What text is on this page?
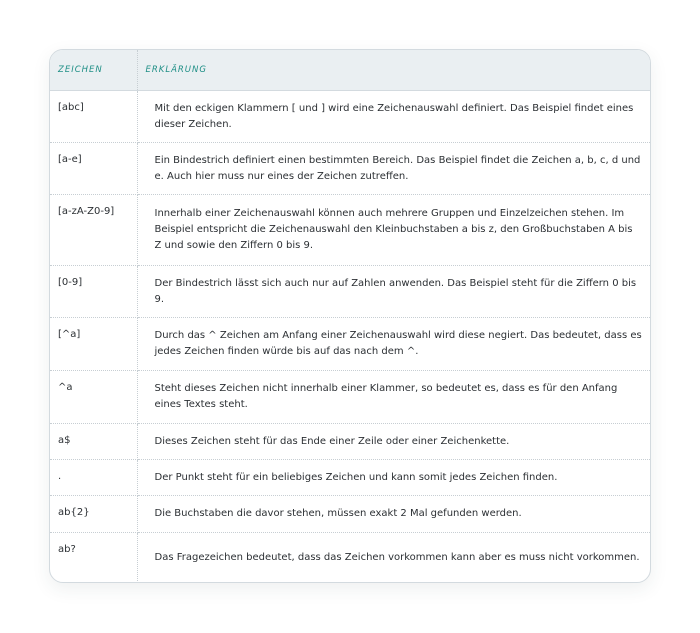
ZEICHEN	ERKLÄRUNG
[abc]	Mit den eckigen Klammern [ und ] wird eine Zeichenauswahl definiert. Das Beispiel findet eines dieser Zeichen.
[a-e]	Ein Bindestrich definiert einen bestimmten Bereich. Das Beispiel findet die Zeichen a, b, c, d und e. Auch hier muss nur eines der Zeichen zutreffen.
[a-zA-Z0-9]	Innerhalb einer Zeichenauswahl können auch mehrere Gruppen und Einzelzeichen stehen. Im Beispiel entspricht die Zeichenauswahl den Kleinbuchstaben a bis z, den Großbuchstaben A bis Z und sowie den Ziffern 0 bis 9.
[0-9]	Der Bindestrich lässt sich auch nur auf Zahlen anwenden. Das Beispiel steht für die Ziffern 0 bis 9.
[^a]	Durch das ^ Zeichen am Anfang einer Zeichenauswahl wird diese negiert. Das bedeutet, dass es jedes Zeichen finden würde bis auf das nach dem ^.
^a	Steht dieses Zeichen nicht innerhalb einer Klammer, so bedeutet es, dass es für den Anfang eines Textes steht.
a$	Dieses Zeichen steht für das Ende einer Zeile oder einer Zeichenkette.
.	Der Punkt steht für ein beliebiges Zeichen und kann somit jedes Zeichen finden.
ab{2}	Die Buchstaben die davor stehen, müssen exakt 2 Mal gefunden werden.
ab?	Das Fragezeichen bedeutet, dass das Zeichen vorkommen kann aber es muss nicht vorkommen.
